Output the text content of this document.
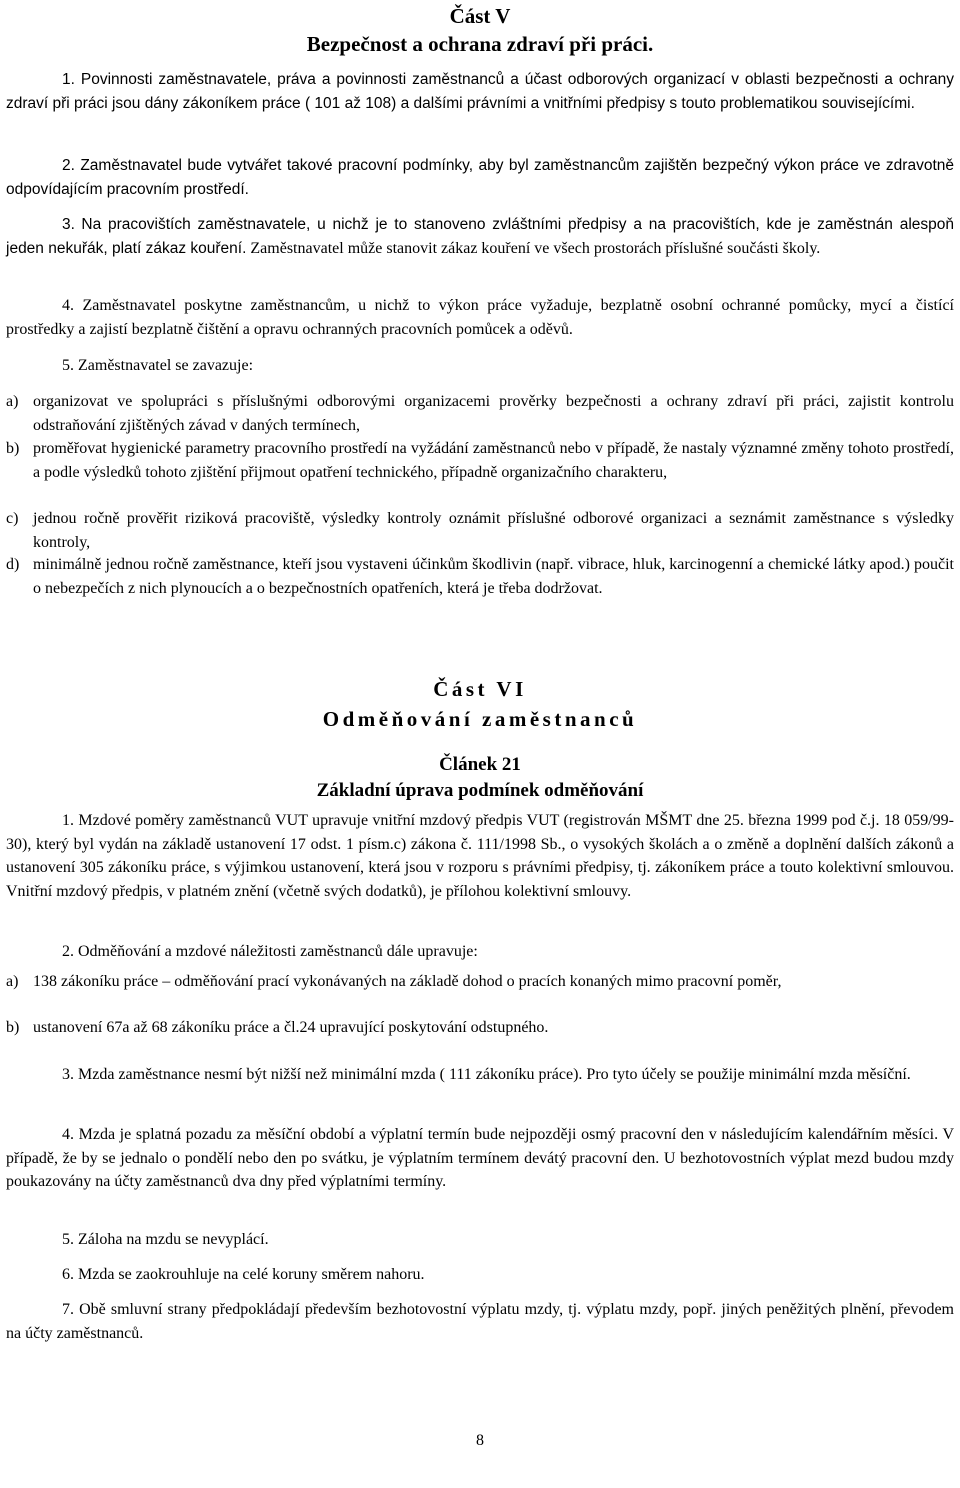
Část V

Bezpečnost a ochrana zdraví při práci.

1. Povinnosti zaměstnavatele, práva a povinnosti zaměstnanců a účast odborových organizací v oblasti bezpečnosti a ochrany zdraví při práci jsou dány zákoníkem práce ( 101 až 108) a dalšími právními a vnitřními předpisy s touto problematikou souvisejícími.

2. Zaměstnavatel bude vytvářet takové pracovní podmínky, aby byl zaměstnancům zajištěn bezpečný výkon práce ve zdravotně odpovídajícím pracovním prostředí.

3. Na pracovištích zaměstnavatele, u nichž je to stanoveno zvláštními předpisy a na pracovištích, kde je zaměstnán alespoň jeden nekuřák, platí zákaz kouření. Zaměstnavatel může stanovit zákaz kouření ve všech prostorách příslušné součásti školy.

4. Zaměstnavatel poskytne zaměstnancům, u nichž to výkon práce vyžaduje, bezplatně osobní ochranné pomůcky, mycí a čistící prostředky a zajistí bezplatně čištění a opravu ochranných pracovních pomůcek a oděvů.

5. Zaměstnavatel se zavazuje:

a) organizovat ve spolupráci s příslušnými odborovými organizacemi prověrky bezpečnosti a ochrany zdraví při práci, zajistit kontrolu odstraňování zjištěných závad v daných termínech,
b) proměřovat hygienické parametry pracovního prostředí na vyžádání zaměstnanců nebo v případě, že nastaly významné změny tohoto prostředí, a podle výsledků tohoto zjištění přijmout opatření technického, případně organizačního charakteru,
c) jednou ročně prověřit riziková pracoviště, výsledky kontroly oznámit příslušné odborové organizaci a seznámit zaměstnance s výsledky kontroly,
d) minimálně jednou ročně zaměstnance, kteří jsou vystaveni účinkům škodlivin (např. vibrace, hluk, karcinogenní a chemické látky apod.) poučit o nebezpečích z nich plynoucích a o bezpečnostních opatřeních, která je třeba dodržovat.

Část VI

Odměňování zaměstnanců

Článek 21

Základní úprava podmínek odměňování

1. Mzdové poměry zaměstnanců VUT upravuje vnitřní mzdový předpis VUT (registrován MŠMT dne 25. března 1999 pod č.j. 18 059/99-30), který byl vydán na základě ustanovení 17 odst. 1 písm.c) zákona č. 111/1998 Sb., o vysokých školách a o změně a doplnění dalších zákonů a ustanovení 305 zákoníku práce, s výjimkou ustanovení, která jsou v rozporu s právními předpisy, tj. zákoníkem práce a touto kolektivní smlouvou. Vnitřní mzdový předpis, v platném znění (včetně svých dodatků), je přílohou kolektivní smlouvy.

2. Odměňování a mzdové náležitosti zaměstnanců dále upravuje:

a) 138 zákoníku práce – odměňování prací vykonávaných na základě dohod o pracích konaných mimo pracovní poměr,
b) ustanovení 67a až 68 zákoníku práce a čl.24 upravující poskytování odstupného.

3. Mzda zaměstnance nesmí být nižší než minimální mzda ( 111 zákoníku práce). Pro tyto účely se použije minimální mzda měsíční.

4. Mzda je splatná pozadu za měsíční období a výplatní termín bude nejpozději osmý pracovní den v následujícím kalendářním měsíci. V případě, že by se jednalo o pondělí nebo den po svátku, je výplatním termínem devátý pracovní den. U bezhotovostních výplat mezd budou mzdy poukazovány na účty zaměstnanců dva dny před výplatními termíny.

5. Záloha na mzdu se nevyplácí.

6. Mzda se zaokrouhluje na celé koruny směrem nahoru.

7. Obě smluvní strany předpokládají především bezhotovostní výplatu mzdy, tj. výplatu mzdy, popř. jiných peněžitých plnění, převodem na účty zaměstnanců.

8
